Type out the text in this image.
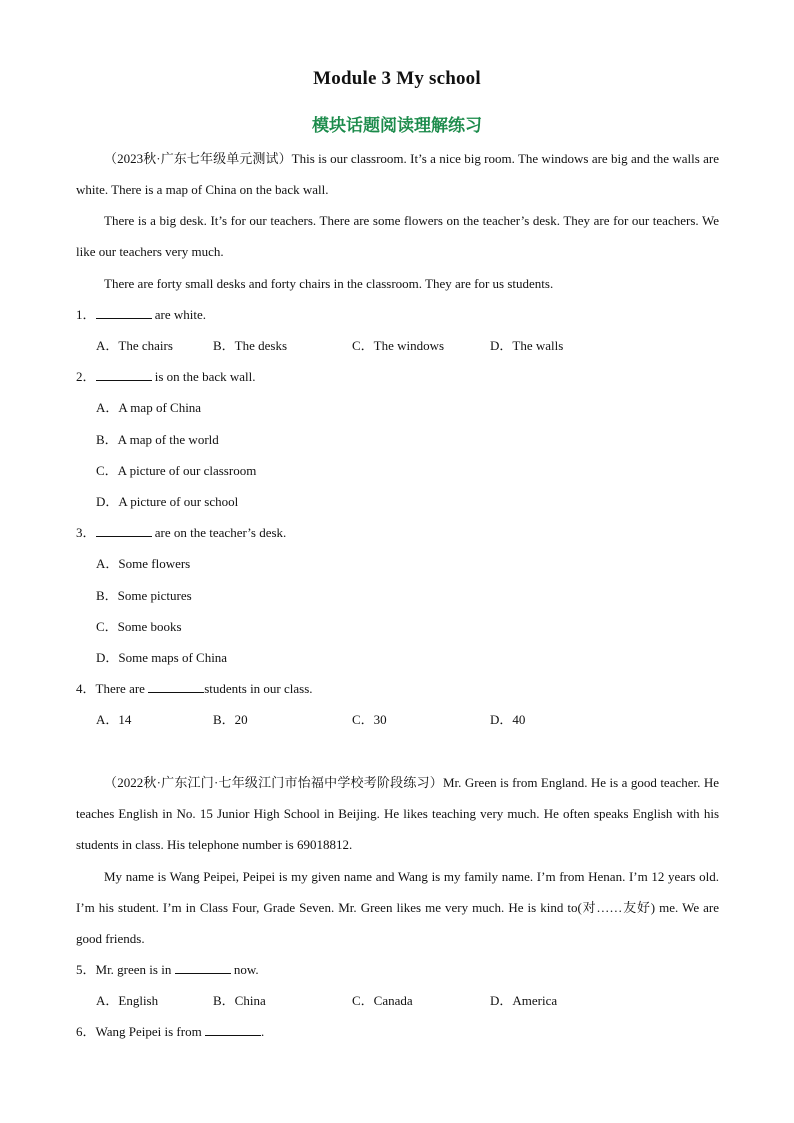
Module 3 My school
模块话题阅读理解练习
（2023秋·广东七年级单元测试）This is our classroom. It’s a nice big room. The windows are big and the walls are white. There is a map of China on the back wall.
There is a big desk. It’s for our teachers. There are some flowers on the teacher’s desk. They are for our teachers. We like our teachers very much.
There are forty small desks and forty chairs in the classroom. They are for us students.
1．	are white.
A．The chairs	B．The desks	C．The windows	D．The walls
2．	is on the back wall.
A．A map of China
B．A map of the world
C．A picture of our classroom
D．A picture of our school
3．	are on the teacher’s desk.
A．Some flowers
B．Some pictures
C．Some books
D．Some maps of China
4．There are	students in our class.
A．14	B．20	C．30	D．40
（2022秋·广东江门·七年级江门市怡福中学校考阶段练习）Mr. Green is from England. He is a good teacher. He teaches English in No. 15 Junior High School in Beijing. He likes teaching very much. He often speaks English with his students in class. His telephone number is 69018812.
My name is Wang Peipei, Peipei is my given name and Wang is my family name. I’m from Henan. I’m 12 years old. I’m his student. I’m in Class Four, Grade Seven. Mr. Green likes me very much. He is kind to(对……友好) me. We are good friends.
5．Mr. green is in	now.
A．English	B．China	C．Canada	D．America
6．Wang Peipei is from	.
